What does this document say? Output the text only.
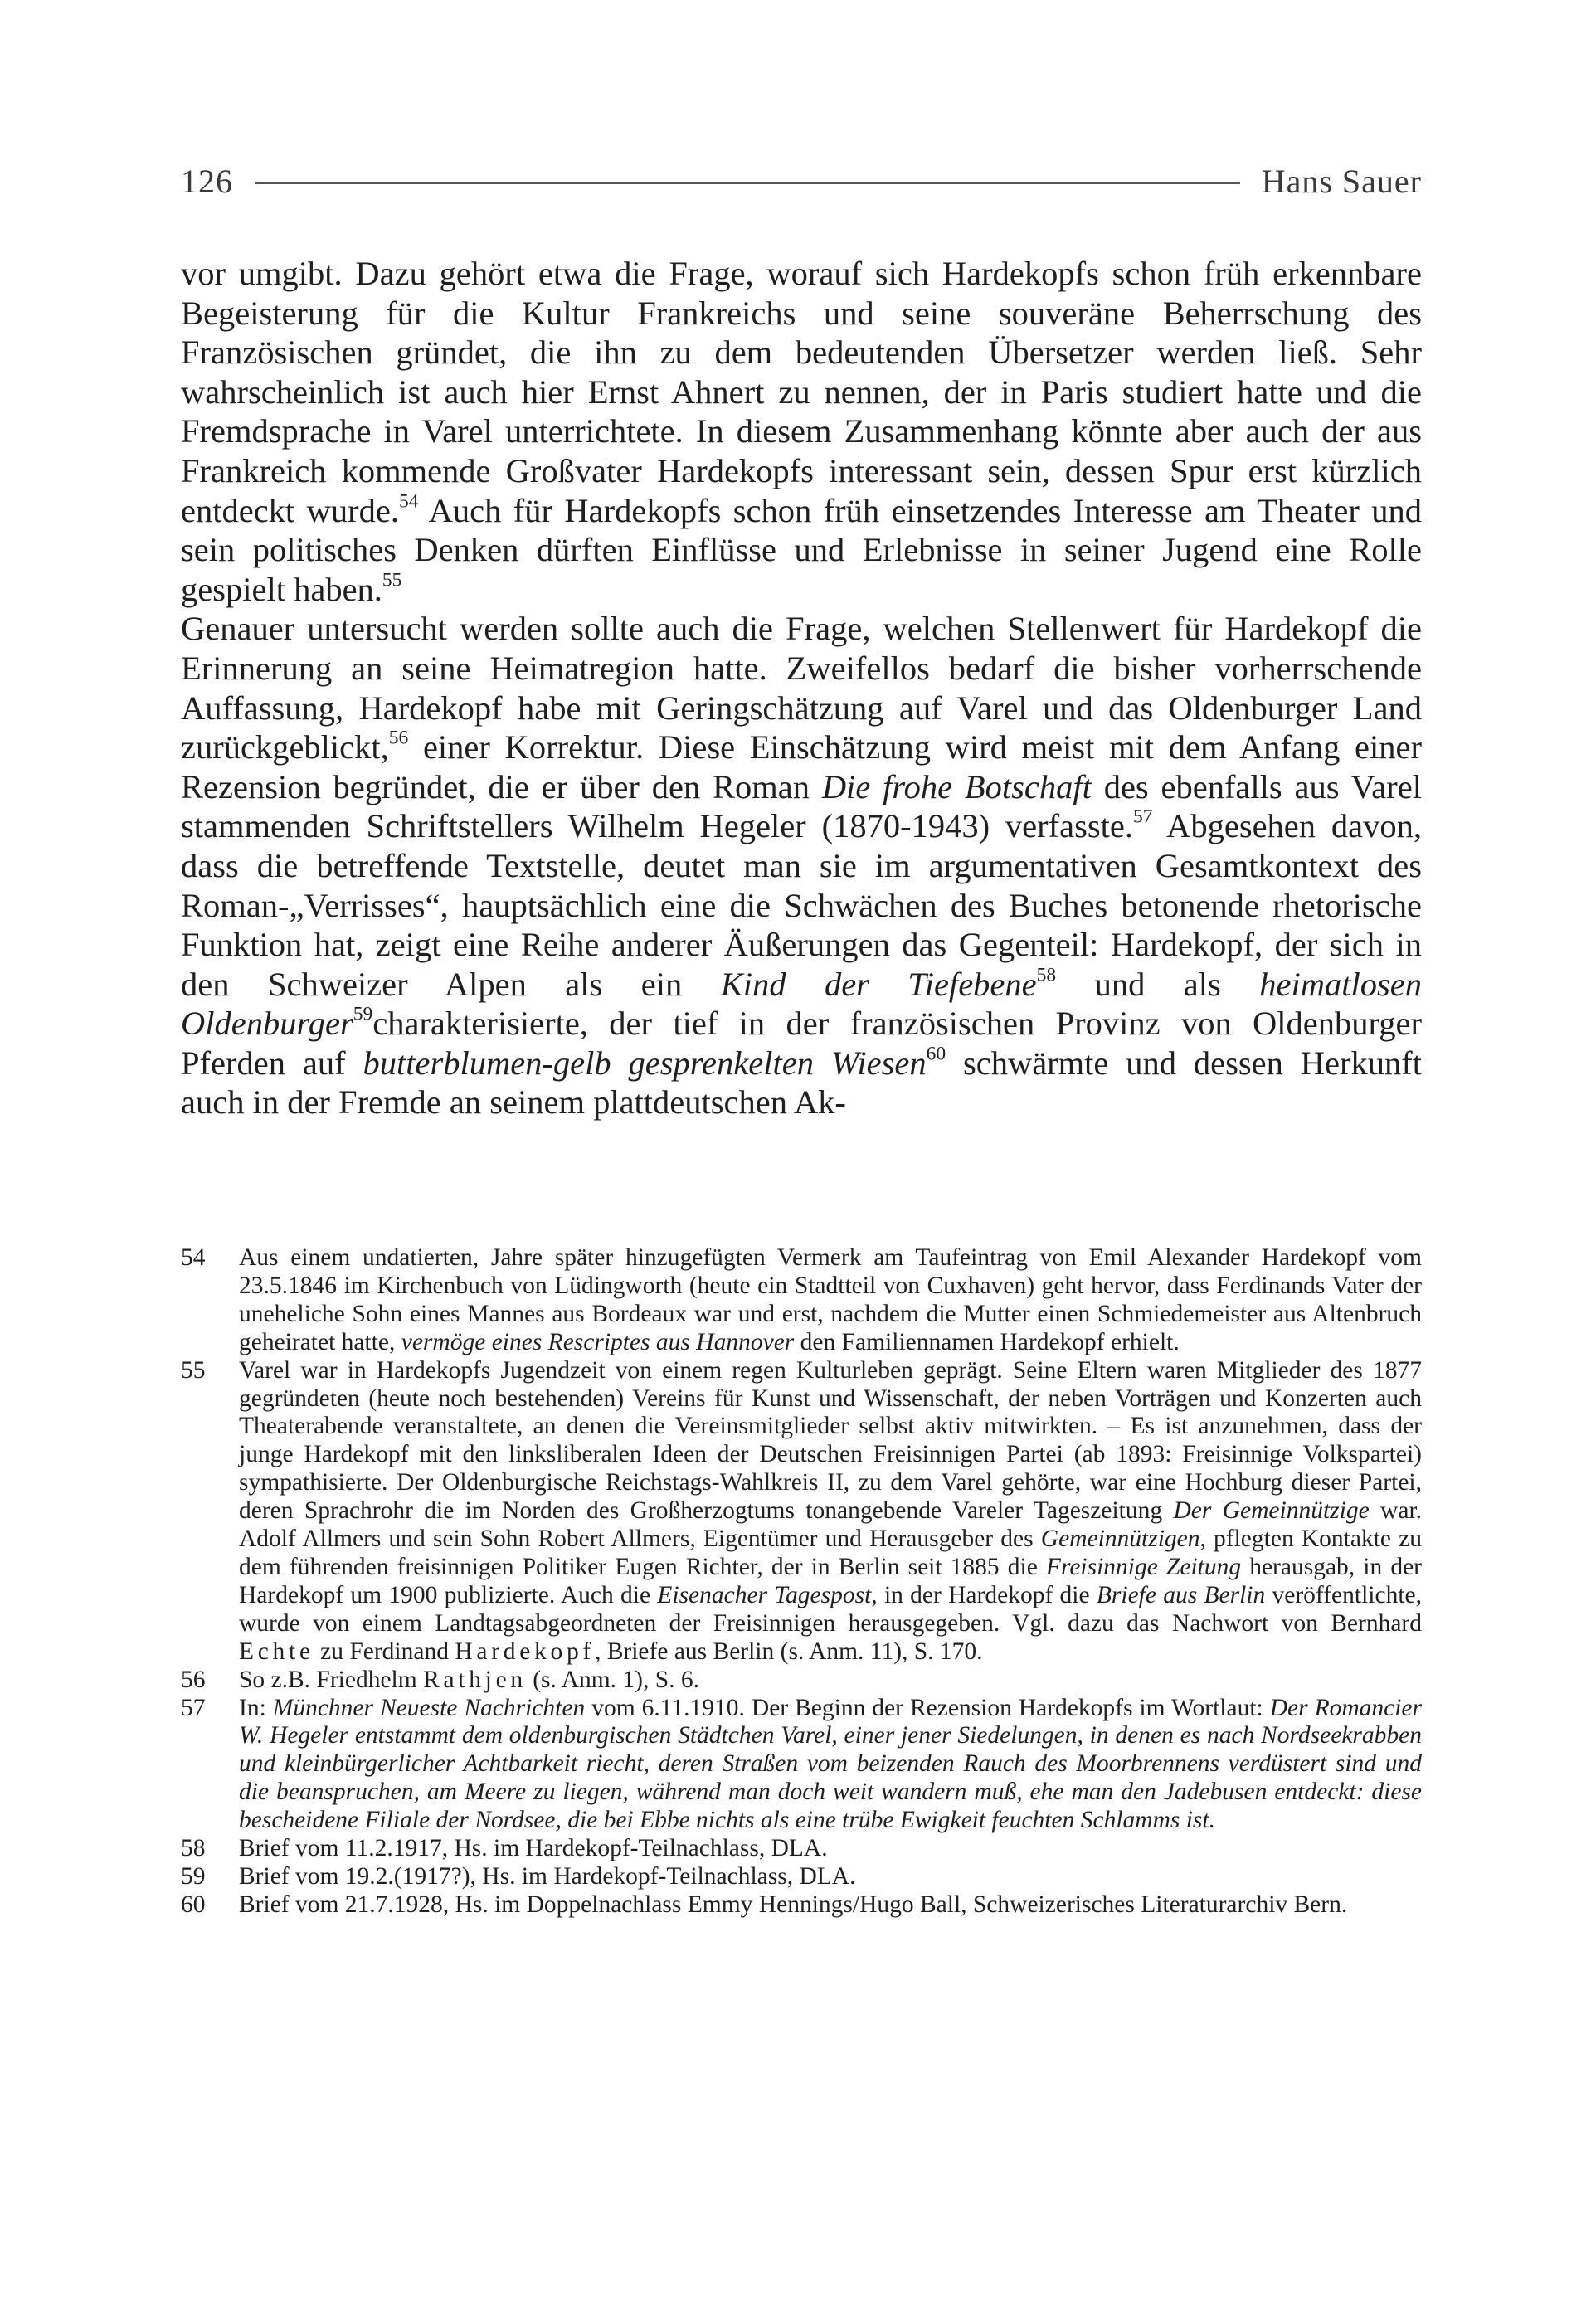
126	Hans Sauer

vor umgibt. Dazu gehört etwa die Frage, worauf sich Hardekopfs schon früh erkennbare Begeisterung für die Kultur Frankreichs und seine souveräne Beherrschung des Französischen gründet, die ihn zu dem bedeutenden Übersetzer werden ließ. Sehr wahrscheinlich ist auch hier Ernst Ahnert zu nennen, der in Paris studiert hatte und die Fremdsprache in Varel unterrichtete. In diesem Zusammenhang könnte aber auch der aus Frankreich kommende Großvater Hardekopfs interessant sein, dessen Spur erst kürzlich entdeckt wurde.$^{54}$ Auch für Hardekopfs schon früh einsetzendes Interesse am Theater und sein politisches Denken dürften Einflüsse und Erlebnisse in seiner Jugend eine Rolle gespielt haben.$^{55}$

Genauer untersucht werden sollte auch die Frage, welchen Stellenwert für Hardekopf die Erinnerung an seine Heimatregion hatte. Zweifellos bedarf die bisher vorherrschende Auffassung, Hardekopf habe mit Geringschätzung auf Varel und das Oldenburger Land zurückgeblickt,$^{56}$ einer Korrektur. Diese Einschätzung wird meist mit dem Anfang einer Rezension begründet, die er über den Roman Die frohe Botschaft des ebenfalls aus Varel stammenden Schriftstellers Wilhelm Hegeler (1870-1943) verfasste.$^{57}$ Abgesehen davon, dass die betreffende Textstelle, deutet man sie im argumentativen Gesamtkontext des Roman-„Verrisses“, hauptsächlich eine die Schwächen des Buches betonende rhetorische Funktion hat, zeigt eine Reihe anderer Äußerungen das Gegenteil: Hardekopf, der sich in den Schweizer Alpen als ein Kind der Tiefebene$^{58}$ und als heimatlosen Oldenburger$^{59}$charakterisierte, der tief in der französischen Provinz von Oldenburger Pferden auf butterblumen-gelb gesprenkelten Wiesen$^{60}$ schwärmte und dessen Herkunft auch in der Fremde an seinem plattdeutschen Ak-

54	Aus einem undatierten, Jahre später hinzugefügten Vermerk am Taufeintrag von Emil Alexander Hardekopf vom 23.5.1846 im Kirchenbuch von Lüdingworth (heute ein Stadtteil von Cuxhaven) geht hervor, dass Ferdinands Vater der uneheliche Sohn eines Mannes aus Bordeaux war und erst, nachdem die Mutter einen Schmiedemeister aus Altenbruch geheiratet hatte, vermöge eines Rescriptes aus Hannover den Familiennamen Hardekopf erhielt.
55	Varel war in Hardekopfs Jugendzeit von einem regen Kulturleben geprägt. Seine Eltern waren Mitglieder des 1877 gegründeten (heute noch bestehenden) Vereins für Kunst und Wissenschaft, der neben Vorträgen und Konzerten auch Theaterabende veranstaltete, an denen die Vereinsmitglieder selbst aktiv mitwirkten. – Es ist anzunehmen, dass der junge Hardekopf mit den linksliberalen Ideen der Deutschen Freisinnigen Partei (ab 1893: Freisinnige Volkspartei) sympathisierte. Der Oldenburgische Reichstags-Wahlkreis II, zu dem Varel gehörte, war eine Hochburg dieser Partei, deren Sprachrohr die im Norden des Großherzogtums tonangebende Vareler Tageszeitung Der Gemeinnützige war. Adolf Allmers und sein Sohn Robert Allmers, Eigentümer und Herausgeber des Gemeinnützigen, pflegten Kontakte zu dem führenden freisinnigen Politiker Eugen Richter, der in Berlin seit 1885 die Freisinnige Zeitung herausgab, in der Hardekopf um 1900 publizierte. Auch die Eisenacher Tagespost, in der Hardekopf die Briefe aus Berlin veröffentlichte, wurde von einem Landtagsabgeordneten der Freisinnigen herausgegeben. Vgl. dazu das Nachwort von Bernhard Echte zu Ferdinand Hardekopf, Briefe aus Berlin (s. Anm. 11), S. 170.
56	So z.B. Friedhelm Rathjen (s. Anm. 1), S. 6.
57	In: Münchner Neueste Nachrichten vom 6.11.1910. Der Beginn der Rezension Hardekopfs im Wortlaut: Der Romancier W. Hegeler entstammt dem oldenburgischen Städtchen Varel, einer jener Siedelungen, in denen es nach Nordseekrabben und kleinbürgerlicher Achtbarkeit riecht, deren Straßen vom beizenden Rauch des Moorbrennens verdüstert sind und die beanspruchen, am Meere zu liegen, während man doch weit wandern muß, ehe man den Jadebusen entdeckt: diese bescheidene Filiale der Nordsee, die bei Ebbe nichts als eine trübe Ewigkeit feuchten Schlamms ist.
58	Brief vom 11.2.1917, Hs. im Hardekopf-Teilnachlass, DLA.
59	Brief vom 19.2.(1917?), Hs. im Hardekopf-Teilnachlass, DLA.
60	Brief vom 21.7.1928, Hs. im Doppelnachlass Emmy Hennings/Hugo Ball, Schweizerisches Literaturarchiv Bern.
